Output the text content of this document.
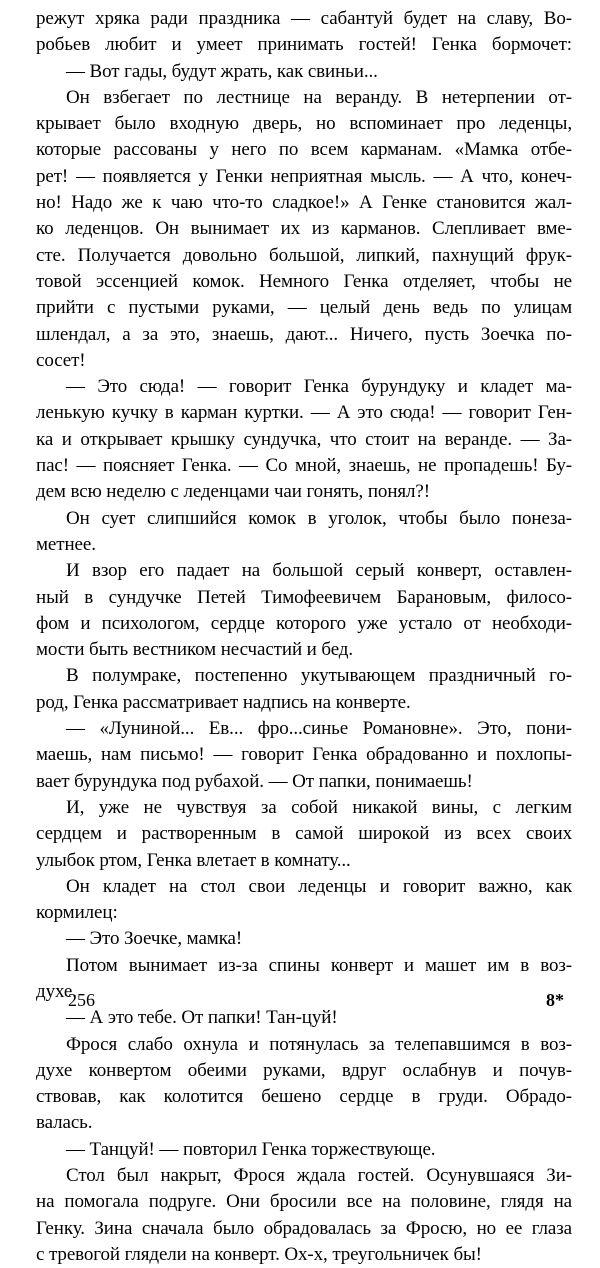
режут хряка ради праздника — сабантуй будет на славу, Во-
робьев любит и умеет принимать гостей! Генка бормочет:
— Вот гады, будут жрать, как свиньи...
Он взбегает по лестнице на веранду. В нетерпении от-
крывает было входную дверь, но вспоминает про леденцы,
которые рассованы у него по всем карманам. «Мамка отбе-
рет! — появляется у Генки неприятная мысль. — А что, конеч-
но! Надо же к чаю что-то сладкое!» А Генке становится жал-
ко леденцов. Он вынимает их из карманов. Слепливает вме-
сте. Получается довольно большой, липкий, пахнущий фрук-
товой эссенцией комок. Немного Генка отделяет, чтобы не
прийти с пустыми руками, — целый день ведь по улицам
шлендал, а за это, знаешь, дают... Ничего, пусть Зоечка по-
сосет!
— Это сюда! — говорит Генка бурундуку и кладет ма-
ленькую кучку в карман куртки. — А это сюда! — говорит Ген-
ка и открывает крышку сундучка, что стоит на веранде. — За-
пас! — поясняет Генка. — Со мной, знаешь, не пропадешь! Бу-
дем всю неделю с леденцами чаи гонять, понял?!
Он сует слипшийся комок в уголок, чтобы было понеза-
метнее.
И взор его падает на большой серый конверт, оставлен-
ный в сундучке Петей Тимофеевичем Барановым, филосо-
фом и психологом, сердце которого уже устало от необходи-
мости быть вестником несчастий и бед.
В полумраке, постепенно укутывающем праздничный го-
род, Генка рассматривает надпись на конверте.
— «Луниной... Ев... фро...синье Романовне». Это, пони-
маешь, нам письмо! — говорит Генка обрадованно и похлопы-
вает бурундука под рубахой. — От папки, понимаешь!
И, уже не чувствуя за собой никакой вины, с легким
сердцем и растворенным в самой широкой из всех своих
улыбок ртом, Генка влетает в комнату...
Он кладет на стол свои леденцы и говорит важно, как
кормилец:
— Это Зоечке, мамка!
Потом вынимает из-за спины конверт и машет им в воз-
духе.
— А это тебе. От папки! Тан-цуй!
Фрося слабо охнула и потянулась за телепавшимся в воз-
духе конвертом обеими руками, вдруг ослабнув и почув-
ствовав, как колотится бешено сердце в груди. Обрадо-
валась.
— Танцуй! — повторил Генка торжествующе.
Стол был накрыт, Фрося ждала гостей. Осунувшаяся Зи-
на помогала подруге. Они бросили все на половине, глядя на
Генку. Зина сначала было обрадовалась за Фросю, но ее глаза
с тревогой глядели на конверт. Ох-х, треугольничек бы!
256	8*
